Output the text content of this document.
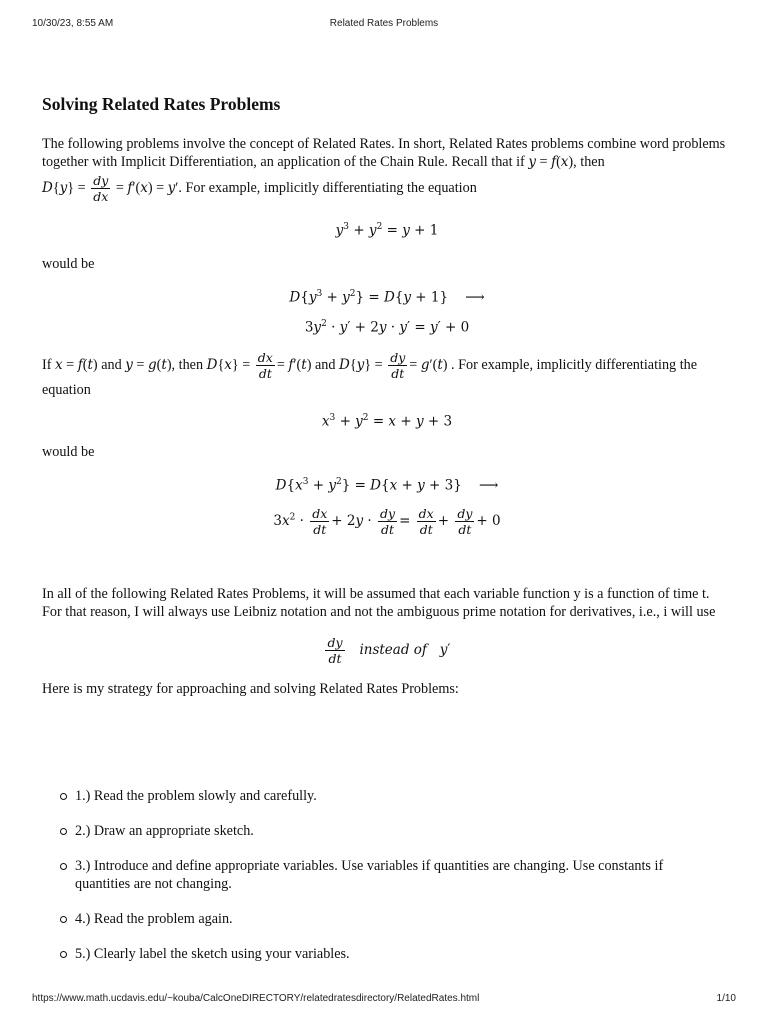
10/30/23, 8:55 AM	Related Rates Problems
Solving Related Rates Problems

The following problems involve the concept of Related Rates. In short, Related Rates problems combine word problems together with Implicit Differentiation, an application of the Chain Rule. Recall that if y = f(x), then

$D\{y\} = \frac{dy}{dx} = f'(x) = y'$. For example, implicitly differentiating the equation

$y^3 + y^2 = y + 1$

would be

$D\{y^3 + y^2\} = D\{y + 1\}$ ⟶
$3y^2 \cdot y' + 2y \cdot y' = y' + 0$

If x = f(t) and y = g(t), then $D\{x\} = \frac{dx}{dt} = f'(t)$ and $D\{y\} = \frac{dy}{dt} = g'(t)$ . For example, implicitly differentiating the equation

$x^3 + y^2 = x + y + 3$

would be

$D\{x^3 + y^2\} = D\{x + y + 3\}$ ⟶
$3x^2 \cdot \frac{dx}{dt} + 2y \cdot \frac{dy}{dt} = \frac{dx}{dt} + \frac{dy}{dt} + 0$

In all of the following Related Rates Problems, it will be assumed that each variable function y is a function of time t. For that reason, I will always use Leibniz notation and not the ambiguous prime notation for derivatives, i.e., i will use

$\frac{dy}{dt}$ instead of   y′

Here is my strategy for approaching and solving Related Rates Problems:

1.) Read the problem slowly and carefully.
2.) Draw an appropriate sketch.
3.) Introduce and define appropriate variables. Use variables if quantities are changing. Use constants if quantities are not changing.
4.) Read the problem again.
5.) Clearly label the sketch using your variables.
https://www.math.ucdavis.edu/~kouba/CalcOneDIRECTORY/relatedratesdirectory/RelatedRates.html	1/10
